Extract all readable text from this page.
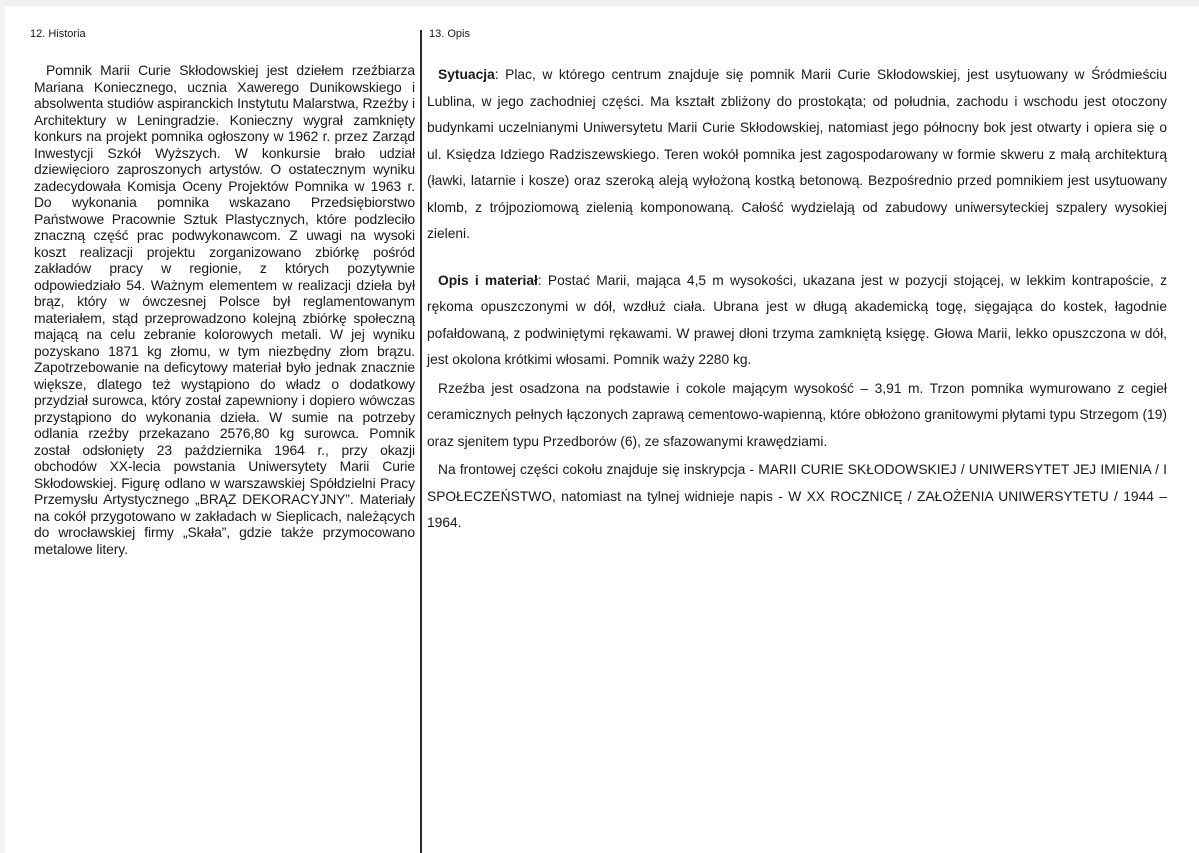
12. Historia

Pomnik Marii Curie Skłodowskiej jest dziełem rzeźbiarza Mariana Koniecznego, ucznia Xawerego Dunikowskiego i absolwenta studiów aspiranckich Instytutu Malarstwa, Rzeźby i Architektury w Leningradzie. Konieczny wygrał zamknięty konkurs na projekt pomnika ogłoszony w 1962 r. przez Zarząd Inwestycji Szkół Wyższych. W konkursie brało udział dziewięcioro zaproszonych artystów. O ostatecznym wyniku zadecydowała Komisja Oceny Projektów Pomnika w 1963 r. Do wykonania pomnika wskazano Przedsiębiorstwo Państwowe Pracownie Sztuk Plastycznych, które podzleciło znaczną część prac podwykonawcom. Z uwagi na wysoki koszt realizacji projektu zorganizowano zbiórkę pośród zakładów pracy w regionie, z których pozytywnie odpowiedziało 54. Ważnym elementem w realizacji dzieła był brąz, który w ówczesnej Polsce był reglamentowanym materiałem, stąd przeprowadzono kolejną zbiórkę społeczną mającą na celu zebranie kolorowych metali. W jej wyniku pozyskano 1871 kg złomu, w tym niezbędny złom brązu. Zapotrzebowanie na deficytowy materiał było jednak znacznie większe, dlatego też wystąpiono do władz o dodatkowy przydział surowca, który został zapewniony i dopiero wówczas przystąpiono do wykonania dzieła. W sumie na potrzeby odlania rzeźby przekazano 2576,80 kg surowca. Pomnik został odsłonięty 23 października 1964 r., przy okazji obchodów XX-lecia powstania Uniwersytety Marii Curie Skłodowskiej. Figurę odlano w warszawskiej Spółdzielni Pracy Przemysłu Artystycznego „BRĄZ DEKORACYJNY”. Materiały na cokół przygotowano w zakładach w Sieplicach, należących do wrocławskiej firmy „Skała”, gdzie także przymocowano metalowe litery.

13. Opis

Sytuacja: Plac, w którego centrum znajduje się pomnik Marii Curie Skłodowskiej, jest usytuowany w Śródmieściu Lublina, w jego zachodniej części. Ma kształt zbliżony do prostokąta; od południa, zachodu i wschodu jest otoczony budynkami uczelnianymi Uniwersytetu Marii Curie Skłodowskiej, natomiast jego północny bok jest otwarty i opiera się o ul. Księdza Idziego Radziszewskiego. Teren wokół pomnika jest zagospodarowany w formie skweru z małą architekturą (ławki, latarnie i kosze) oraz szeroką aleją wyłożoną kostką betonową. Bezpośrednio przed pomnikiem jest usytuowany klomb, z trójpoziomową zielenią komponowaną. Całość wydzielają od zabudowy uniwersyteckiej szpalery wysokiej zieleni.

Opis i materiał: Postać Marii, mająca 4,5 m wysokości, ukazana jest w pozycji stojącej, w lekkim kontrapoście, z rękoma opuszczonymi w dół, wzdłuż ciała. Ubrana jest w długą akademicką togę, sięgająca do kostek, łagodnie pofałdowaną, z podwiniętymi rękawami. W prawej dłoni trzyma zamkniętą księgę. Głowa Marii, lekko opuszczona w dół, jest okolona krótkimi włosami. Pomnik waży 2280 kg.

Rzeźba jest osadzona na podstawie i cokole mającym wysokość – 3,91 m. Trzon pomnika wymurowano z cegieł ceramicznych pełnych łączonych zaprawą cementowo-wapienną, które obłożono granitowymi płytami typu Strzegom (19) oraz sjenitem typu Przedborów (6), ze sfazowanymi krawędziami.

Na frontowej części cokołu znajduje się inskrypcja - MARII CURIE SKŁODOWSKIEJ / UNIWERSYTET JEJ IMIENIA / I SPOŁECZEŃSTWO, natomiast na tylnej widnieje napis - W XX ROCZNICĘ / ZAŁOŻENIA UNIWERSYTETU / 1944 – 1964.
